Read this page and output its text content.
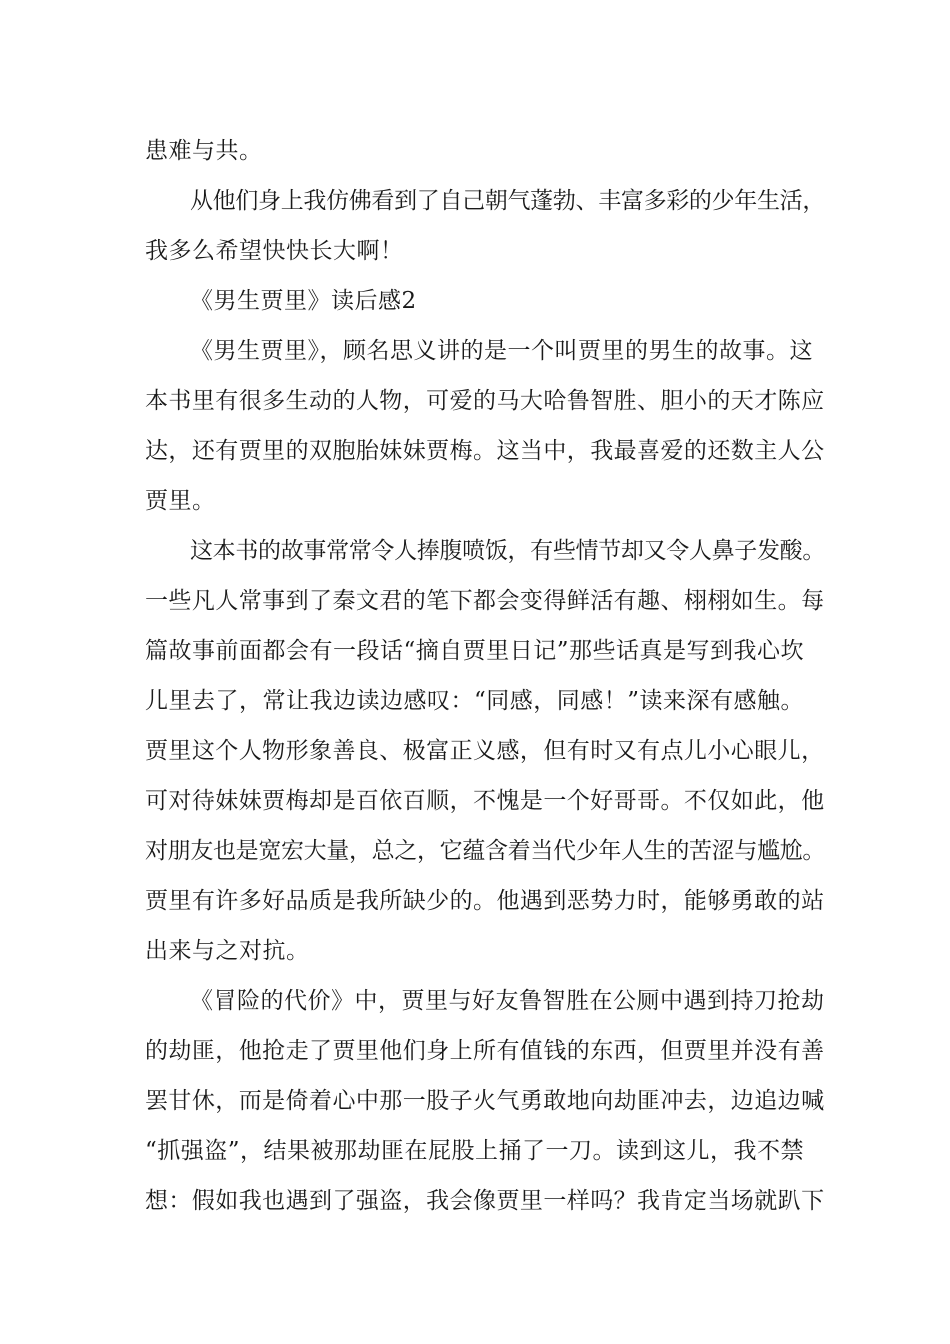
患难与共。
从他们身上我仿佛看到了自己朝气蓬勃、丰富多彩的少年生活，
我多么希望快快长大啊！
《男生贾里》读后感2
《男生贾里》，顾名思义讲的是一个叫贾里的男生的故事。这
本书里有很多生动的人物，可爱的马大哈鲁智胜、胆小的天才陈应
达，还有贾里的双胞胎妹妹贾梅。这当中，我最喜爱的还数主人公
贾里。
这本书的故事常常令人捧腹喷饭，有些情节却又令人鼻子发酸。
一些凡人常事到了秦文君的笔下都会变得鲜活有趣、栩栩如生。每
篇故事前面都会有一段话“摘自贾里日记”那些话真是写到我心坎
儿里去了，常让我边读边感叹：“同感，同感！”读来深有感触。
贾里这个人物形象善良、极富正义感，但有时又有点儿小心眼儿，
可对待妹妹贾梅却是百依百顺，不愧是一个好哥哥。不仅如此，他
对朋友也是宽宏大量，总之，它蕴含着当代少年人生的苦涩与尴尬。
贾里有许多好品质是我所缺少的。他遇到恶势力时，能够勇敢的站
出来与之对抗。
《冒险的代价》中，贾里与好友鲁智胜在公厕中遇到持刀抢劫
的劫匪，他抢走了贾里他们身上所有值钱的东西，但贾里并没有善
罢甘休，而是倚着心中那一股子火气勇敢地向劫匪冲去，边追边喊
“抓强盗”，结果被那劫匪在屁股上捅了一刀。读到这儿，我不禁
想：假如我也遇到了强盗，我会像贾里一样吗？我肯定当场就趴下
